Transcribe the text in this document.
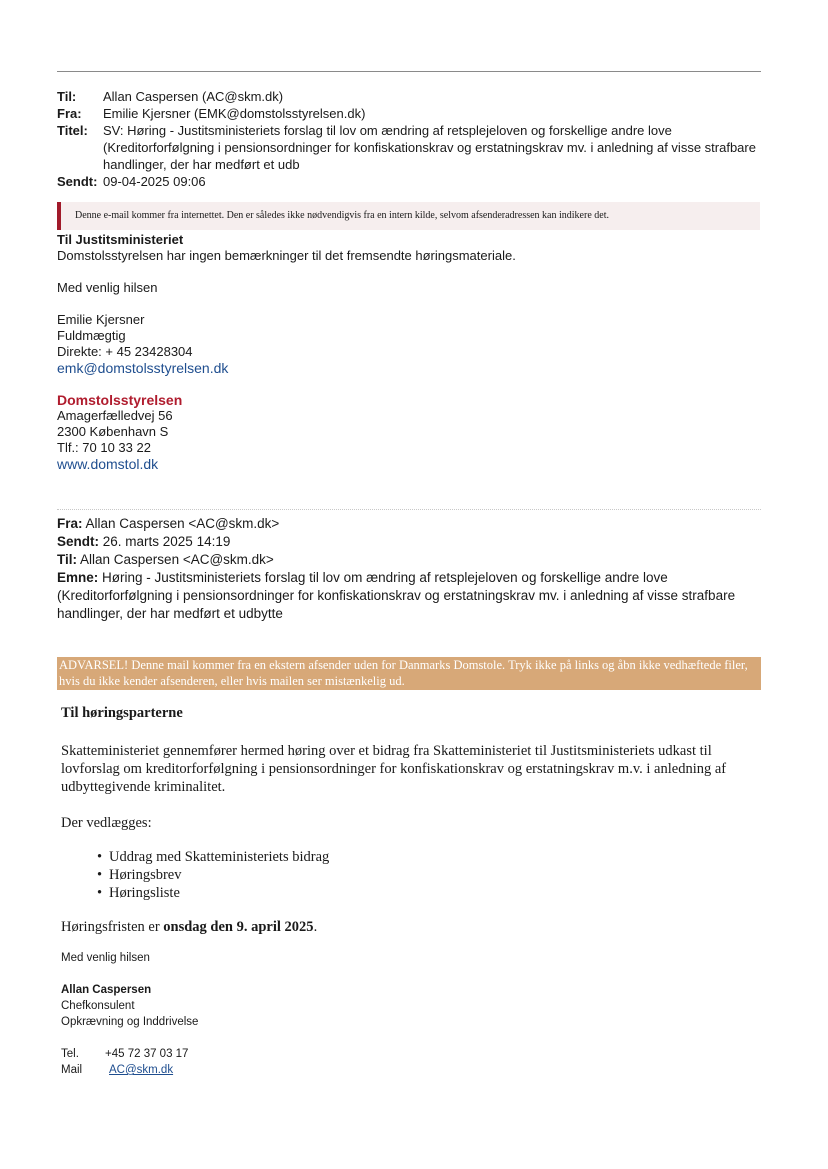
Til:	Allan Caspersen (AC@skm.dk)
Fra:	Emilie Kjersner (EMK@domstolsstyrelsen.dk)
Titel:	SV: Høring - Justitsministeriets forslag til lov om ændring af retsplejeloven og forskellige andre love (Kreditorforfølgning i pensionsordninger for konfiskationskrav og erstatningskrav mv. i anledning af visse strafbare handlinger, der har medført et udb
Sendt: 09-04-2025 09:06
Denne e-mail kommer fra internettet. Den er således ikke nødvendigvis fra en intern kilde, selvom afsenderadressen kan indikere det.

Til Justitsministeriet

Domstolsstyrelsen har ingen bemærkninger til det fremsendte høringsmateriale.

Med venlig hilsen

Emilie Kjersner

Fuldmægtig

Direkte: + 45 23428304

emk@domstolsstyrelsen.dk

Domstolsstyrelsen

Amagerfælledvej 56

2300 København S

Tlf.: 70 10 33 22

www.domstol.dk

Fra: Allan Caspersen <AC@skm.dk>
Sendt: 26. marts 2025 14:19
Til: Allan Caspersen <AC@skm.dk>
Emne: Høring - Justitsministeriets forslag til lov om ændring af retsplejeloven og forskellige andre love (Kreditorforfølgning i pensionsordninger for konfiskationskrav og erstatningskrav mv. i anledning af visse strafbare handlinger, der har medført et udbytte
ADVARSEL! Denne mail kommer fra en ekstern afsender uden for Danmarks Domstole. Tryk ikke på links og åbn ikke vedhæftede filer, hvis du ikke kender afsenderen, eller hvis mailen ser mistænkelig ud.

Til høringsparterne

Skatteministeriet gennemfører hermed høring over et bidrag fra Skatteministeriet til Justitsministeriets udkast til lovforslag om kreditorforfølgning i pensionsordninger for konfiskationskrav og erstatningskrav m.v. i anledning af udbyttegivende kriminalitet.

Der vedlægges:

• Uddrag med Skatteministeriets bidrag
• Høringsbrev
• Høringsliste

Høringsfristen er onsdag den 9. april 2025.

Med venlig hilsen

Allan Caspersen

Chefkonsulent

Opkrævning og Inddrivelse

Tel.	+45 72 37 03 17
Mail	AC@skm.dk
